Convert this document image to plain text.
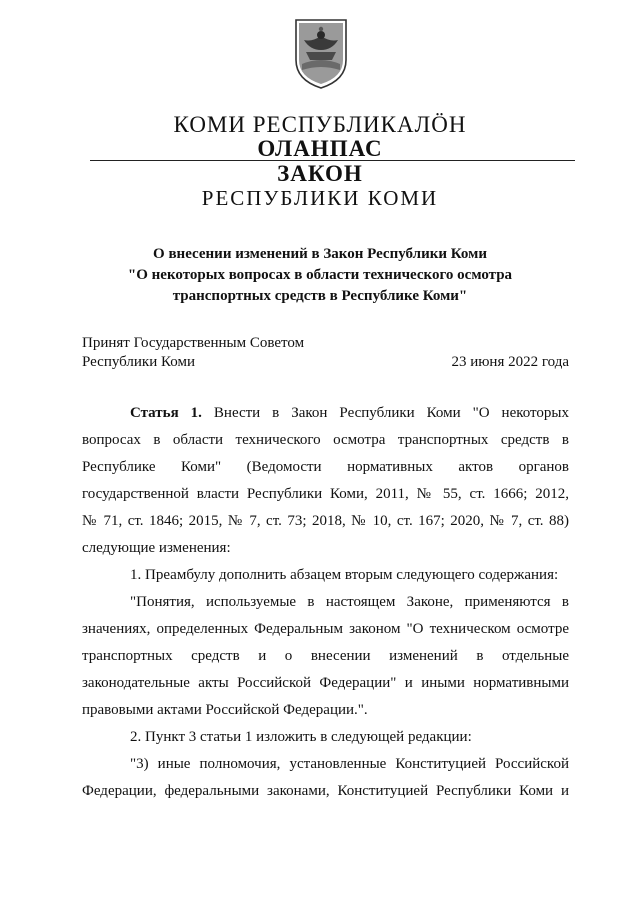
КОМИ РЕСПУБЛИКАЛÖН
ОЛАНПАС
ЗАКОН
РЕСПУБЛИКИ КОМИ
О внесении изменений в Закон Республики Коми
"О некоторых вопросах в области технического осмотра
транспортных средств в Республике Коми"
Принят Государственным Советом
Республики Коми	23 июня 2022 года
Статья 1. Внести в Закон Республики Коми "О некоторых
вопросах в области технического осмотра транспортных средств в
Республике Коми" (Ведомости нормативных актов органов
государственной власти Республики Коми, 2011, № 55, ст. 1666; 2012,
№ 71, ст. 1846; 2015, № 7, ст. 73; 2018, № 10, ст. 167; 2020, № 7, ст. 88)
следующие изменения:
1. Преамбулу дополнить абзацем вторым следующего содержания:
"Понятия, используемые в настоящем Законе, применяются в
значениях, определенных Федеральным законом "О техническом осмотре
транспортных средств и о внесении изменений в отдельные
законодательные акты Российской Федерации" и иными нормативными
правовыми актами Российской Федерации.".
2. Пункт 3 статьи 1 изложить в следующей редакции:
"3) иные полномочия, установленные Конституцией Российской
Федерации, федеральными законами, Конституцией Республики Коми и
